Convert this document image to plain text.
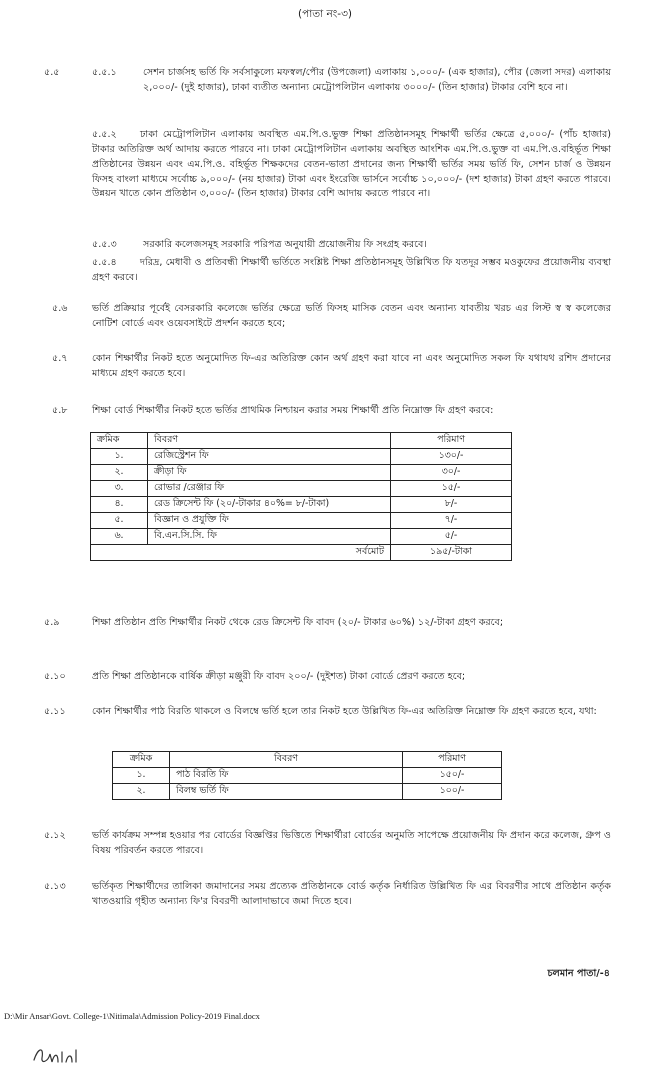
(পাতা নং-৩)
৫.৫	৫.৫.১	সেশন চার্জসহ ভর্তি ফি সর্বসাকুল্যে মফস্বল/পৌর (উপজেলা) এলাকায় ১,০০০/- (এক হাজার), পৌর (জেলা সদর) এলাকায় ২,০০০/- (দুই হাজার), ঢাকা ব্যতীত অন্যান্য মেট্রোপলিটান এলাকায় ৩০০০/- (তিন হাজার) টাকার বেশি হবে না।
৫.৫.২	ঢাকা মেট্রোপলিটান এলাকায় অবস্থিত এম.পি.ও.ভুক্ত শিক্ষা প্রতিষ্ঠানসমূহ শিক্ষার্থী ভর্তির ক্ষেত্রে ৫,০০০/- (পাঁচ হাজার) টাকার অতিরিক্ত অর্থ আদায় করতে পারবে না। ঢাকা মেট্রোপলিটান এলাকায় অবস্থিত আংশিক এম.পি.ও.ভুক্ত বা এম.পি.ও.বহির্ভূত শিক্ষা প্রতিষ্ঠানের উন্নয়ন এবং এম.পি.ও. বহির্ভূত শিক্ষকদের বেতন-ভাতা প্রদানের জন্য শিক্ষার্থী ভর্তির সময় ভর্তি ফি, সেশন চার্জ ও উন্নয়ন ফিসহ বাংলা মাধ্যমে সর্বোচ্চ ৯,০০০/- (নয় হাজার) টাকা এবং ইংরেজি ভার্সনে সর্বোচ্চ ১০,০০০/- (দশ হাজার) টাকা গ্রহণ করতে পারবে। উন্নয়ন খাতে কোন প্রতিষ্ঠান ৩,০০০/- (তিন হাজার) টাকার বেশি আদায় করতে পারবে না।
৫.৫.৩	সরকারি কলেজসমূহ সরকারি পরিপত্র অনুযায়ী প্রয়োজনীয় ফি সংগ্রহ করবে।
৫.৫.৪	দরিদ্র, মেধাবী ও প্রতিবন্ধী শিক্ষার্থী ভর্তিতে সংশ্লিষ্ট শিক্ষা প্রতিষ্ঠানসমূহ উল্লিখিত ফি যতদূর সম্ভব মওকুফের প্রয়োজনীয় ব্যবস্থা গ্রহণ করবে।
৫.৬	ভর্তি প্রক্রিয়ার পূর্বেই বেসরকারি কলেজে ভর্তির ক্ষেত্রে ভর্তি ফিসহ মাসিক বেতন এবং অন্যান্য যাবতীয় খরচ এর লিস্ট স্ব স্ব কলেজের নোটিশ বোর্ডে এবং ওয়েবসাইটে প্রদর্শন করতে হবে;
৫.৭	কোন শিক্ষার্থীর নিকট হতে অনুমোদিত ফি-এর অতিরিক্ত কোন অর্থ গ্রহণ করা যাবে না এবং অনুমোদিত সকল ফি যথাযথ রশিদ প্রদানের মাধ্যমে গ্রহণ করতে হবে।
৫.৮	শিক্ষা বোর্ড শিক্ষার্থীর নিকট হতে ভর্তির প্রাথমিক নিশ্চায়ন করার সময় শিক্ষার্থী প্রতি নিম্নোক্ত ফি গ্রহণ করবে:
ক্রমিক	বিবরণ	পরিমাণ
১.	রেজিস্ট্রেশন ফি	১৩০/-
২.	ক্রীড়া ফি	৩০/-
৩.	রোভার /রেঞ্জার ফি	১৫/-
৪.	রেড ক্রিসেন্ট ফি (২০/-টাকার ৪০%= ৮/-টাকা)	৮/-
৫.	বিজ্ঞান ও প্রযুক্তি ফি	৭/-
৬.	বি.এন.সি.সি. ফি	৫/-
সর্বমোট		১৯৫/-টাকা
৫.৯	শিক্ষা প্রতিষ্ঠান প্রতি শিক্ষার্থীর নিকট থেকে রেড ক্রিসেন্ট ফি বাবদ (২০/- টাকার ৬০%) ১২/-টাকা গ্রহণ করবে;
৫.১০	প্রতি শিক্ষা প্রতিষ্ঠানকে বার্ষিক ক্রীড়া মঞ্জুরী ফি বাবদ ২০০/- (দুইশত) টাকা বোর্ডে প্রেরণ করতে হবে;
৫.১১	কোন শিক্ষার্থীর পাঠ বিরতি থাকলে ও বিলম্বে ভর্তি হলে তার নিকট হতে উল্লিখিত ফি-এর অতিরিক্ত নিম্নোক্ত ফি গ্রহণ করতে হবে, যথা:
ক্রমিক	বিবরণ	পরিমাণ
১.	পাঠ বিরতি ফি	১৫০/-
২.	বিলম্ব ভর্তি ফি	১০০/-
৫.১২	ভর্তি কার্যক্রম সম্পন্ন হওয়ার পর বোর্ডের বিজ্ঞপ্তির ভিত্তিতে শিক্ষার্থীরা বোর্ডের অনুমতি সাপেক্ষে প্রয়োজনীয় ফি প্রদান করে কলেজ, গ্রুপ ও বিষয় পরিবর্তন করতে পারবে।
৫.১৩	ভর্তিকৃত শিক্ষার্থীদের তালিকা জমাদানের সময় প্রত্যেক প্রতিষ্ঠানকে বোর্ড কর্তৃক নির্ধারিত উল্লিখিত ফি এর বিবরণীর সাথে প্রতিষ্ঠান কর্তৃক খাতওয়ারি গৃহীত অন্যান্য ফি'র বিবরণী আলাদাভাবে জমা দিতে হবে।
চলমান পাতা/-৪
D:\Mir Ansar\Govt. College-1\Nitimala\Admission Policy-2019 Final.docx
